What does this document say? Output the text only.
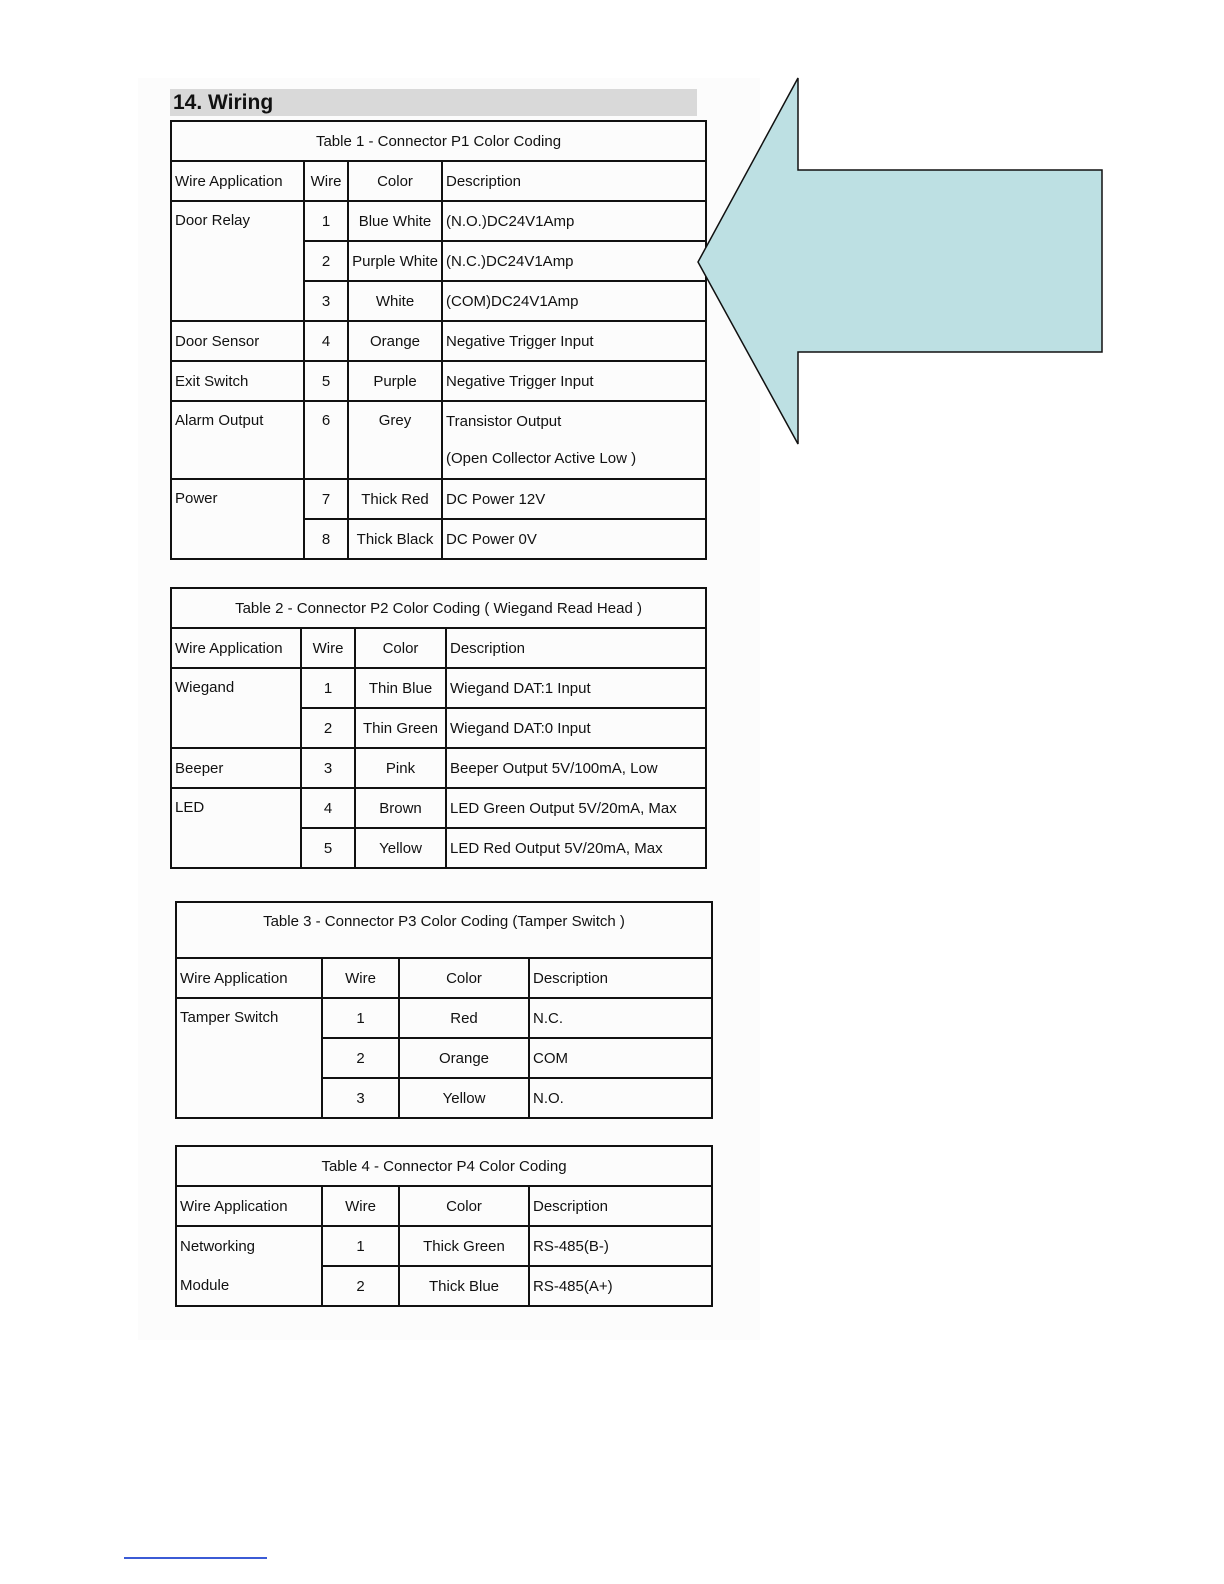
14. Wiring
Table 1 - Connector P1 Color Coding			
Wire Application	Wire	Color	Description
Door Relay	1	Blue White	(N.O.)DC24V1Amp
	2	Purple White	(N.C.)DC24V1Amp
	3	White	(COM)DC24V1Amp
Door Sensor	4	Orange	Negative Trigger Input
Exit Switch	5	Purple	Negative Trigger Input
Alarm Output	6	Grey	Transistor Output
(Open Collector Active Low )

Power	7	Thick Red	DC Power 12V
	8	Thick Black	DC Power 0V
Table 2 - Connector P2 Color Coding ( Wiegand Read Head )			
Wire Application	Wire	Color	Description
Wiegand	1	Thin Blue	Wiegand DAT:1 Input
	2	Thin Green	Wiegand DAT:0 Input
Beeper	3	Pink	Beeper Output 5V/100mA, Low
LED	4	Brown	LED Green Output 5V/20mA, Max
	5	Yellow	LED Red Output 5V/20mA, Max
Table 3 - Connector P3 Color Coding (Tamper Switch )			
Wire Application	Wire	Color	Description
Tamper Switch	1	Red	N.C.
	2	Orange	COM
	3	Yellow	N.O.
Table 4 - Connector P4 Color Coding			
Wire Application	Wire	Color	Description
Networking	1	Thick Green	RS-485(B-)
Module	2	Thick Blue	RS-485(A+)
